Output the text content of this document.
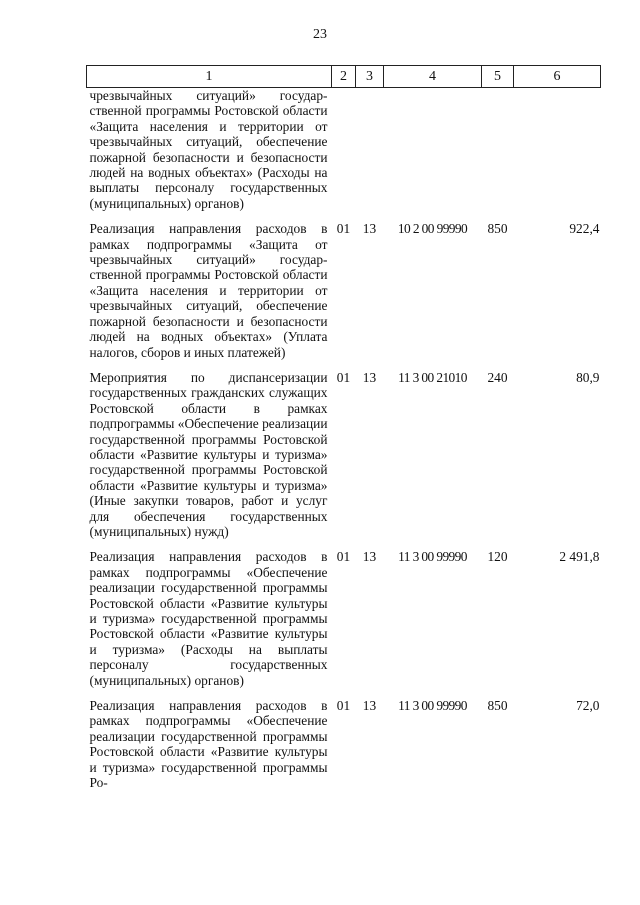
23
1	2	3	4	5	6
чрезвычайных ситуаций» государственной программы Ростовской области «Защита населения и территории от чрезвычайных ситуаций, обеспечение пожарной безопасности и безопасности людей на водных объектах» (Расходы на выплаты персоналу государственных (муниципальных) органов)					

Реализация направления расходов в рамках подпрограммы «Защита от чрезвычайных ситуаций» государственной программы Ростовской области «Защита населения и территории от чрезвычайных ситуаций, обеспечение пожарной безопасности и безопасности людей на водных объектах» (Уплата налогов, сборов и иных платежей)	01	13	10 2 00 99990	850	922,4

Мероприятия по диспансеризации государственных гражданских служащих Ростовской области в рамках подпрограммы «Обеспечение реализации государственной программы Ростовской области «Развитие культуры и туризма» государственной программы Ростовской области «Развитие культуры и туризма» (Иные закупки товаров, работ и услуг для обеспечения государственных (муниципальных) нужд)	01	13	11 3 00 21010	240	80,9

Реализация направления расходов в рамках подпрограммы «Обеспечение реализации государственной программы Ростовской области «Развитие культуры и туризма» государственной программы Ростовской области «Развитие культуры и туризма» (Расходы на выплаты персоналу государственных (муниципальных) органов)	01	13	11 3 00 99990	120	2 491,8

Реализация направления расходов в рамках подпрограммы «Обеспечение реализации государственной программы Ростовской области «Развитие культуры и туризма» государственной программы Ро-	01	13	11 3 00 99990	850	72,0
